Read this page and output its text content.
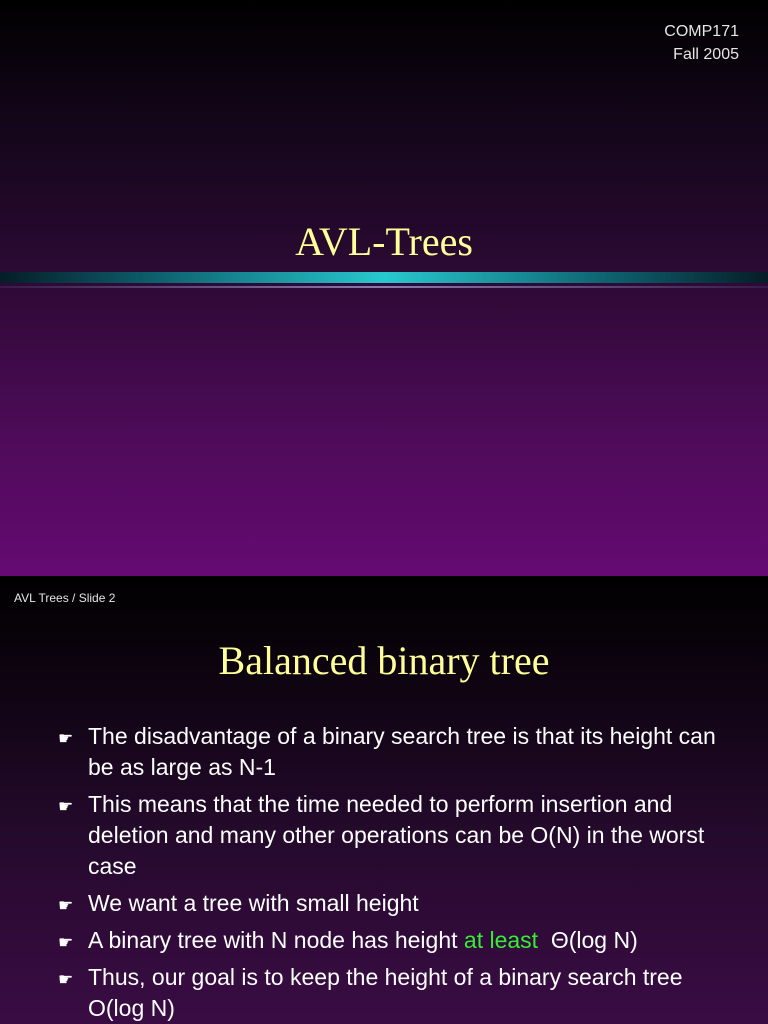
COMP171
Fall 2005
AVL-Trees
AVL Trees / Slide 2
Balanced binary tree
☛ The disadvantage of a binary search tree is that its height can be as large as N-1
☛ This means that the time needed to perform insertion and deletion and many other operations can be O(N) in the worst case
☛ We want a tree with small height
☛ A binary tree with N node has height at least  Θ(log N)
☛ Thus, our goal is to keep the height of a binary search tree O(log N)
